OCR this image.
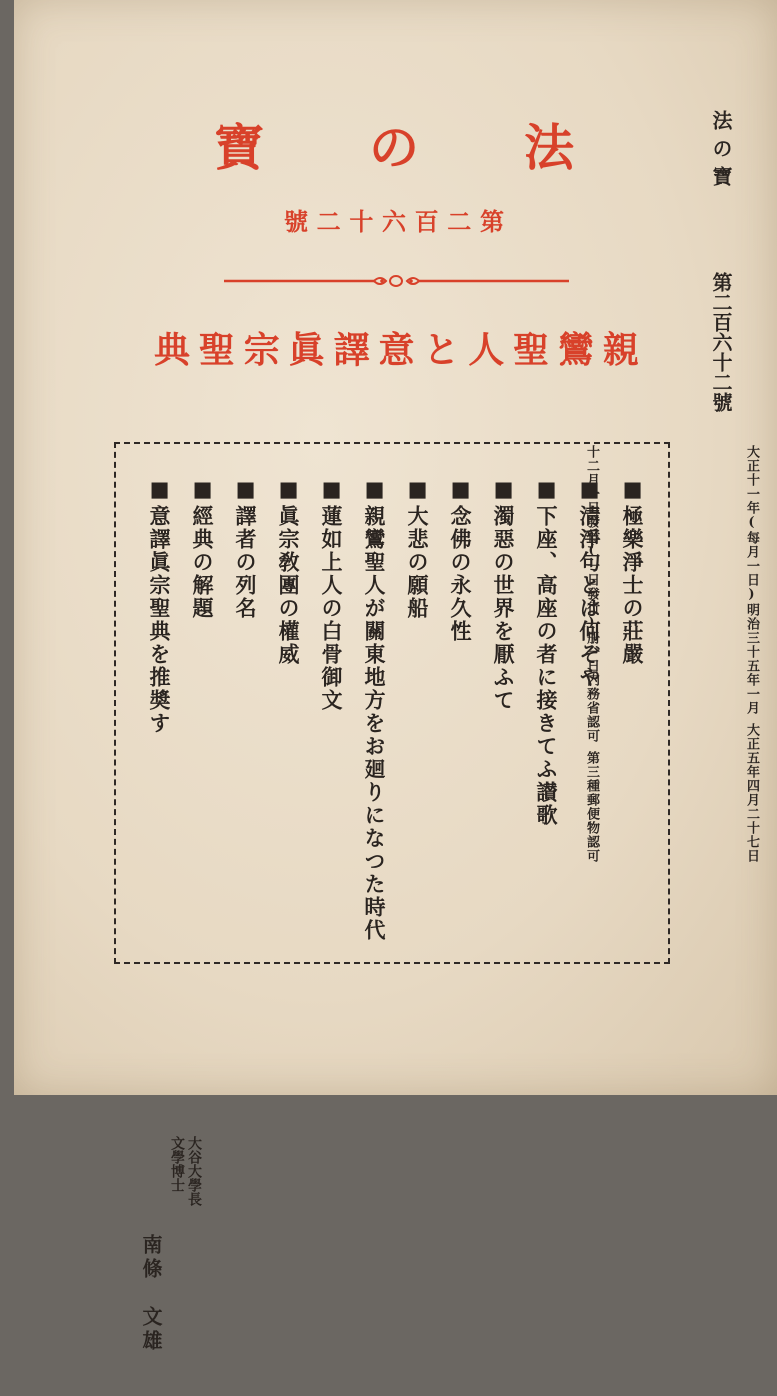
法
の
寶
第
二
百
六
十
二
號
親
鸞
聖
人
と
意
譯
眞
宗
聖
典
■極樂淨士の莊嚴
■淸淨句とは何ぞや
■下座、高座の者に接きてふ讃歌
■濁惡の世界を厭ふて
■念佛の永久性
■大悲の願船
■親鸞聖人が關東地方をお廻りになつた時代
■蓮如上人の白骨御文
■眞宗敎團の權威
■譯者の列名
■經典の解題
■意譯眞宗聖典を推奬す
大谷大學長
文學博士
南條　文雄
法の寶
第二百六十二號
大正十一年(每月一日)明治三十五年一月
大正五年四月二十七日
十二月一日發行(一日發行)册一日内務省認可
第三種郵便物認可
